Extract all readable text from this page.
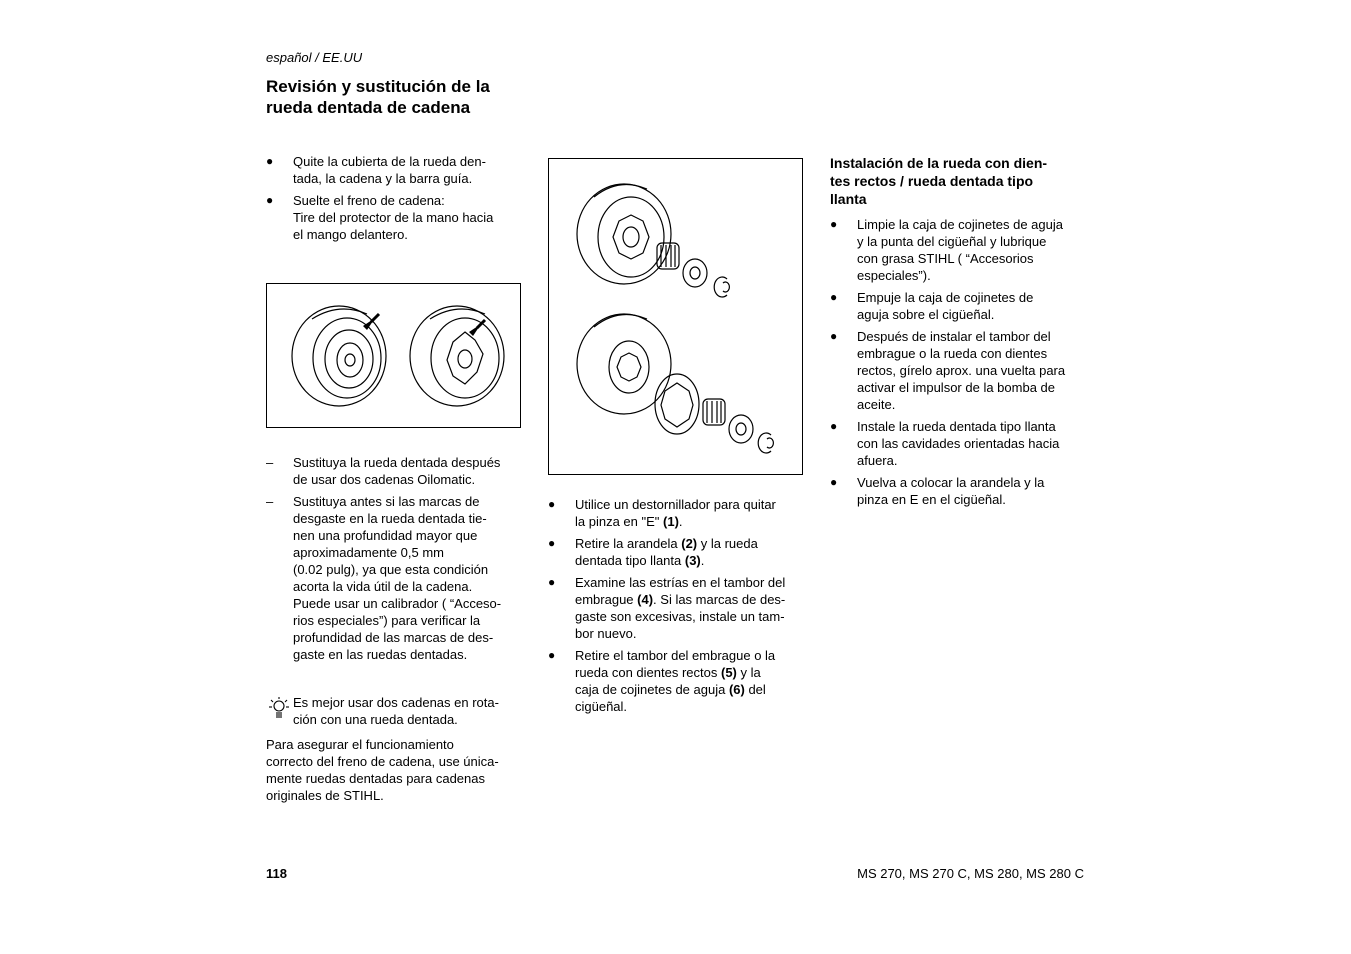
español / EE.UU
Revisión y sustitución de la
rueda dentada de cadena
● Quite la cubierta de la rueda den-
tada, la cadena y la barra guía.
● Suelte el freno de cadena:
Tire del protector de la mano hacia
el mango delantero.
– Sustituya la rueda dentada después
de usar dos cadenas Oilomatic.
– Sustituya antes si las marcas de
desgaste en la rueda dentada tie-
nen una profundidad mayor que
aproximadamente 0,5 mm
(0.02 pulg), ya que esta condición
acorta la vida útil de la cadena.
Puede usar un calibrador ( “Acceso-
rios especiales”) para verificar la
profundidad de las marcas de des-
gaste en las ruedas dentadas.
Es mejor usar dos cadenas en rota-
ción con una rueda dentada.
Para asegurar el funcionamiento
correcto del freno de cadena, use única-
mente ruedas dentadas para cadenas
originales de STIHL.
● Utilice un destornillador para quitar
la pinza en "E" (1).
● Retire la arandela (2) y la rueda
dentada tipo llanta (3).
● Examine las estrías en el tambor del
embrague (4). Si las marcas de des-
gaste son excesivas, instale un tam-
bor nuevo.
● Retire el tambor del embrague o la
rueda con dientes rectos (5) y la
caja de cojinetes de aguja (6) del
cigüeñal.
Instalación de la rueda con dien-
tes rectos / rueda dentada tipo
llanta
● Limpie la caja de cojinetes de aguja
y la punta del cigüeñal y lubrique
con grasa STIHL ( “Accesorios
especiales”).
● Empuje la caja de cojinetes de
aguja sobre el cigüeñal.
● Después de instalar el tambor del
embrague o la rueda con dientes
rectos, gírelo aprox. una vuelta para
activar el impulsor de la bomba de
aceite.
● Instale la rueda dentada tipo llanta
con las cavidades orientadas hacia
afuera.
● Vuelva a colocar la arandela y la
pinza en E en el cigüeñal.
118	MS 270, MS 270 C, MS 280, MS 280 C
